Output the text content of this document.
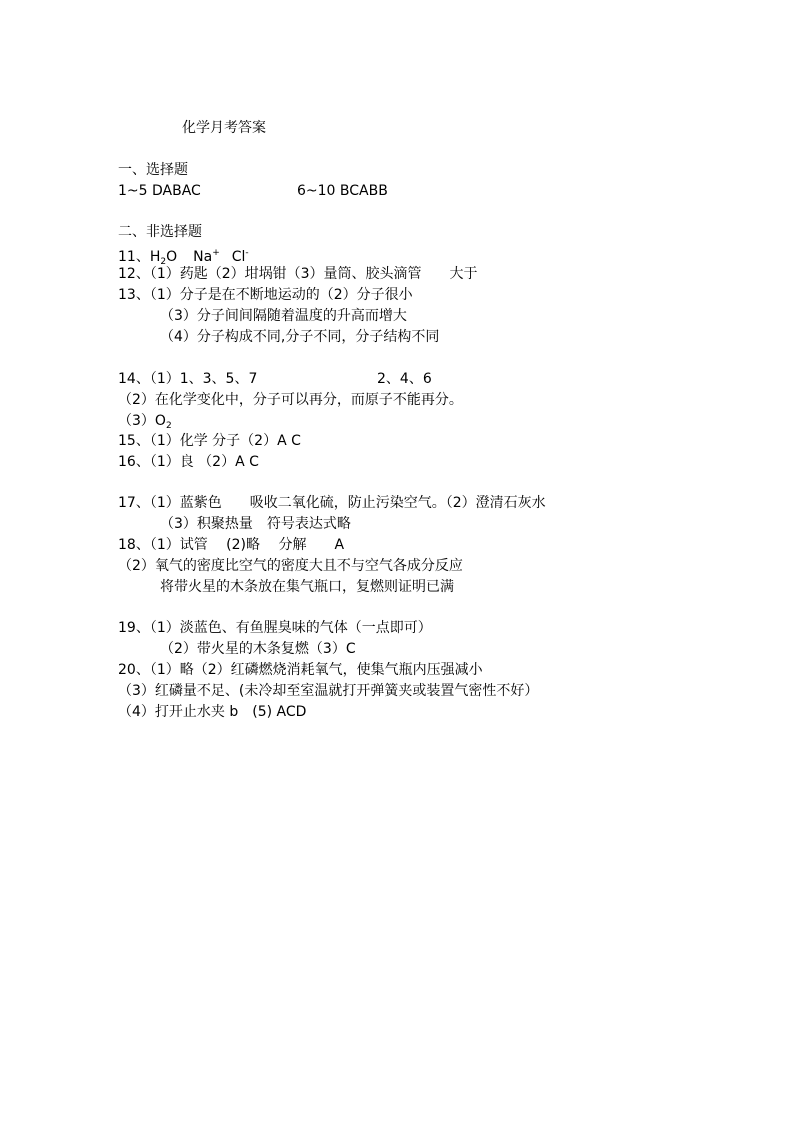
化学月考答案
一、选择题
1~5 DABAC	6~10 BCABB
二、非选择题
11、$H_2O$ Na+ Cl-
12、（1）药匙（2）坩埚钳（3）量筒、胶头滴管　　大于
13、（1）分子是在不断地运动的（2）分子很小
（3）分子间间隔随着温度的升高而增大
（4）分子构成不同,分子不同，分子结构不同
14、（1）1、3、5、7	2、4、6
（2）在化学变化中，分子可以再分，而原子不能再分。
$(3)O_2$
15、（1）化学 分子（2）A C
16、（1）良 （2）A C
17、（1）蓝紫色　　吸收二氧化硫，防止污染空气。（2）澄清石灰水
（3）积聚热量　符号表达式略
18、（1）试管　 (2)略　 分解　　A
（2）氧气的密度比空气的密度大且不与空气各成分反应
将带火星的木条放在集气瓶口，复燃则证明已满
19、（1）淡蓝色、有鱼腥臭味的气体（一点即可）
（2）带火星的木条复燃（3）C
20、（1）略（2）红磷燃烧消耗氧气，使集气瓶内压强减小
（3）红磷量不足、(未冷却至室温就打开弹簧夹或装置气密性不好）
（4）打开止水夹 b　(5) ACD
